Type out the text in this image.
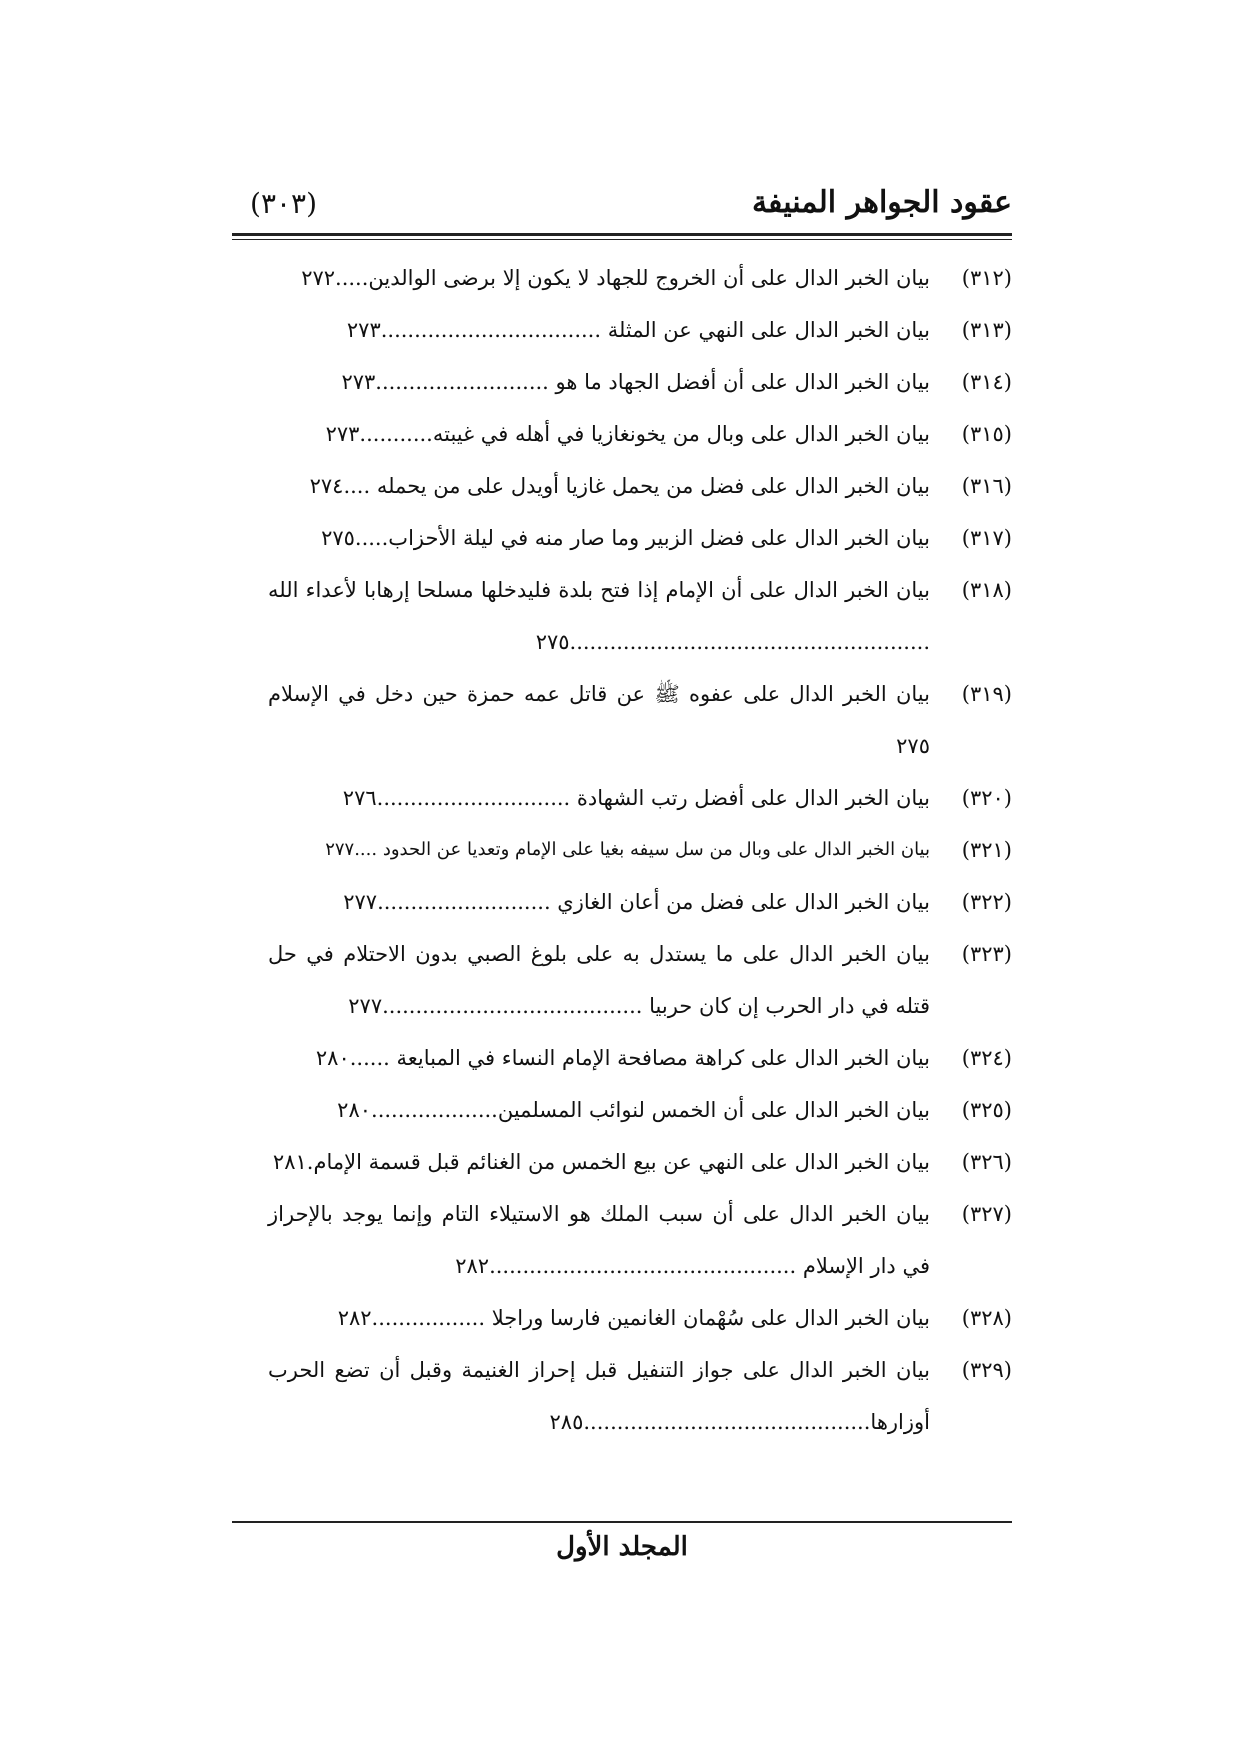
عقود الجواهر المنيفة
(٣٠٣)
(٣١٢)
بيان الخبر الدال على أن الخروج للجهاد لا يكون إلا برضى الوالدين.....٢٧٢
(٣١٣)
بيان الخبر الدال على النهي عن المثلة .................................٢٧٣
(٣١٤)
بيان الخبر الدال على أن أفضل الجهاد ما هو ..........................٢٧٣
(٣١٥)
بيان الخبر الدال على وبال من يخونغازيا في أهله في غيبته...........٢٧٣
(٣١٦)
بيان الخبر الدال على فضل من يحمل غازيا أويدل على من يحمله ....٢٧٤
(٣١٧)
بيان الخبر الدال على فضل الزبير وما صار منه في ليلة الأحزاب.....٢٧٥
(٣١٨)
بيان الخبر الدال على أن الإمام إذا فتح بلدة فليدخلها مسلحا إرهابا لأعداء الله ......................................................٢٧٥
(٣١٩)
بيان الخبر الدال على عفوه ﷺ عن قاتل عمه حمزة حين دخل في الإسلام ٢٧٥
(٣٢٠)
بيان الخبر الدال على أفضل رتب الشهادة .............................٢٧٦
(٣٢١)
بيان الخبر الدال على وبال من سل سيفه بغيا على الإمام وتعديا عن الحدود ....٢٧٧
(٣٢٢)
بيان الخبر الدال على فضل من أعان الغازي ..........................٢٧٧
(٣٢٣)
بيان الخبر الدال على ما يستدل به على بلوغ الصبي بدون الاحتلام في حل قتله في دار الحرب إن كان حربيا .......................................٢٧٧
(٣٢٤)
بيان الخبر الدال على كراهة مصافحة الإمام النساء في المبايعة ......٢٨٠
(٣٢٥)
بيان الخبر الدال على أن الخمس لنوائب المسلمين...................٢٨٠
(٣٢٦)
بيان الخبر الدال على النهي عن بيع الخمس من الغنائم قبل قسمة الإمام.٢٨١
(٣٢٧)
بيان الخبر الدال على أن سبب الملك هو الاستيلاء التام وإنما يوجد بالإحراز في دار الإسلام ..............................................٢٨٢
(٣٢٨)
بيان الخبر الدال على سُهْمان الغانمين فارسا وراجلا .................٢٨٢
(٣٢٩)
بيان الخبر الدال على جواز التنفيل قبل إحراز الغنيمة وقبل أن تضع الحرب أوزارها...........................................٢٨٥
المجلد الأول
